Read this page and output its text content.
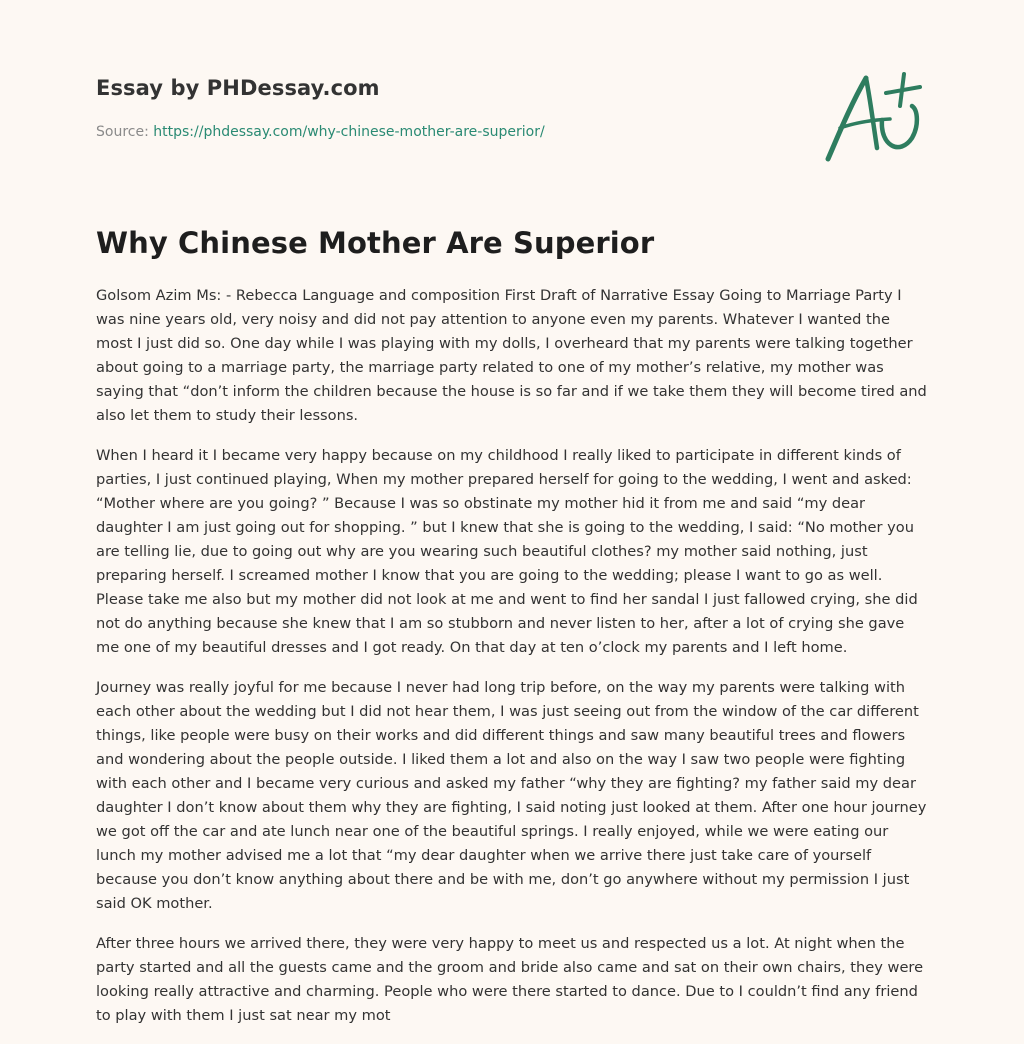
Essay by PHDessay.com
Source: https://phdessay.com/why-chinese-mother-are-superior/
Why Chinese Mother Are Superior

Golsom Azim Ms: - Rebecca Language and composition First Draft of Narrative Essay Going to Marriage Party I was nine years old, very noisy and did not pay attention to anyone even my parents. Whatever I wanted the most I just did so. One day while I was playing with my dolls, I overheard that my parents were talking together about going to a marriage party, the marriage party related to one of my mother’s relative, my mother was saying that “don’t inform the children because the house is so far and if we take them they will become tired and also let them to study their lessons.

When I heard it I became very happy because on my childhood I really liked to participate in different kinds of parties, I just continued playing, When my mother prepared herself for going to the wedding, I went and asked: “Mother where are you going? ” Because I was so obstinate my mother hid it from me and said “my dear daughter I am just going out for shopping. ” but I knew that she is going to the wedding, I said: “No mother you are telling lie, due to going out why are you wearing such beautiful clothes? my mother said nothing, just preparing herself. I screamed mother I know that you are going to the wedding; please I want to go as well. Please take me also but my mother did not look at me and went to find her sandal I just fallowed crying, she did not do anything because she knew that I am so stubborn and never listen to her, after a lot of crying she gave me one of my beautiful dresses and I got ready. On that day at ten o’clock my parents and I left home.

Journey was really joyful for me because I never had long trip before, on the way my parents were talking with each other about the wedding but I did not hear them, I was just seeing out from the window of the car different things, like people were busy on their works and did different things and saw many beautiful trees and flowers and wondering about the people outside. I liked them a lot and also on the way I saw two people were fighting with each other and I became very curious and asked my father “why they are fighting? my father said my dear daughter I don’t know about them why they are fighting, I said noting just looked at them. After one hour journey we got off the car and ate lunch near one of the beautiful springs. I really enjoyed, while we were eating our lunch my mother advised me a lot that “my dear daughter when we arrive there just take care of yourself because you don’t know anything about there and be with me, don’t go anywhere without my permission I just said OK mother.

After three hours we arrived there, they were very happy to meet us and respected us a lot. At night when the party started and all the guests came and the groom and bride also came and sat on their own chairs, they were looking really attractive and charming. People who were there started to dance. Due to I couldn’t find any friend to play with them I just sat near my mot
